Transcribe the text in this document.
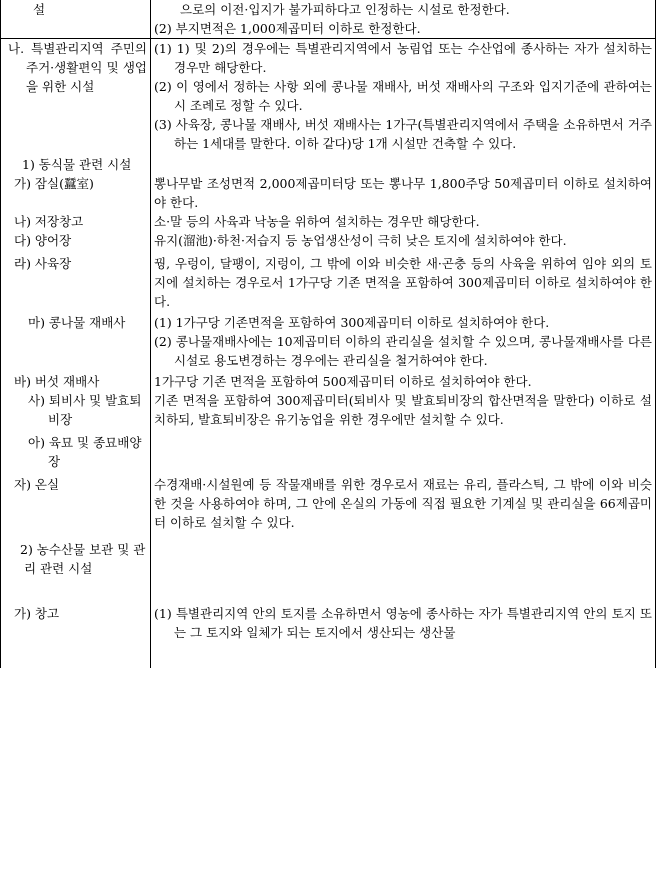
설	으로의 이전·입지가 불가피하다고 인정하는 시설로 한정한다.
(2) 부지면적은 1,000제곱미터 이하로 한정한다.

나. 특별관리지역 주민의 주거·생활편익 및 생업을 위한 시설	(1) 1) 및 2)의 경우에는 특별관리지역에서 농림업 또는 수산업에 종사하는 자가 설치하는 경우만 해당한다.
(2) 이 영에서 정하는 사항 외에 콩나물 재배사, 버섯 재배사의 구조와 입지기준에 관하여는 시 조례로 정할 수 있다.
(3) 사육장, 콩나물 재배사, 버섯 재배사는 1가구(특별관리지역에서 주택을 소유하면서 거주하는 1세대를 말한다. 이하 같다)당 1개 시설만 건축할 수 있다.

1) 동식물 관련 시설	

가) 잠실(蠶室)	뽕나무밭 조성면적 2,000제곱미터당 또는 뽕나무 1,800주당 50제곱미터 이하로 설치하여야 한다.

나) 저장창고	소·말 등의 사육과 낙농을 위하여 설치하는 경우만 해당한다.

다) 양어장	유지(溜池)·하천·저습지 등 농업생산성이 극히 낮은 토지에 설치하여야 한다.

라) 사육장	꿩, 우렁이, 달팽이, 지렁이, 그 밖에 이와 비슷한 새·곤충 등의 사육을 위하여 임야 외의 토지에 설치하는 경우로서 1가구당 기존 면적을 포함하여 300제곱미터 이하로 설치하여야 한다.

마) 콩나물 재배사	(1) 1가구당 기존면적을 포함하여 300제곱미터 이하로 설치하여야 한다.
(2) 콩나물재배사에는 10제곱미터 이하의 관리실을 설치할 수 있으며, 콩나물재배사를 다른 시설로 용도변경하는 경우에는 관리실을 철거하여야 한다.

바) 버섯 재배사	1가구당 기존 면적을 포함하여 500제곱미터 이하로 설치하여야 한다.

사) 퇴비사 및 발효퇴비장	기존 면적을 포함하여 300제곱미터(퇴비사 및 발효퇴비장의 합산면적을 말한다) 이하로 설치하되, 발효퇴비장은 유기농업을 위한 경우에만 설치할 수 있다.

아) 육묘 및 종묘배양장	

자) 온실	수경재배·시설원예 등 작물재배를 위한 경우로서 재료는 유리, 플라스틱, 그 밖에 이와 비슷한 것을 사용하여야 하며, 그 안에 온실의 가동에 직접 필요한 기계실 및 관리실을 66제곱미터 이하로 설치할 수 있다.

2) 농수산물 보관 및 관리 관련 시설	

가) 창고	(1) 특별관리지역 안의 토지를 소유하면서 영농에 종사하는 자가 특별관리지역 안의 토지 또는 그 토지와 일체가 되는 토지에서 생산되는 생산물
